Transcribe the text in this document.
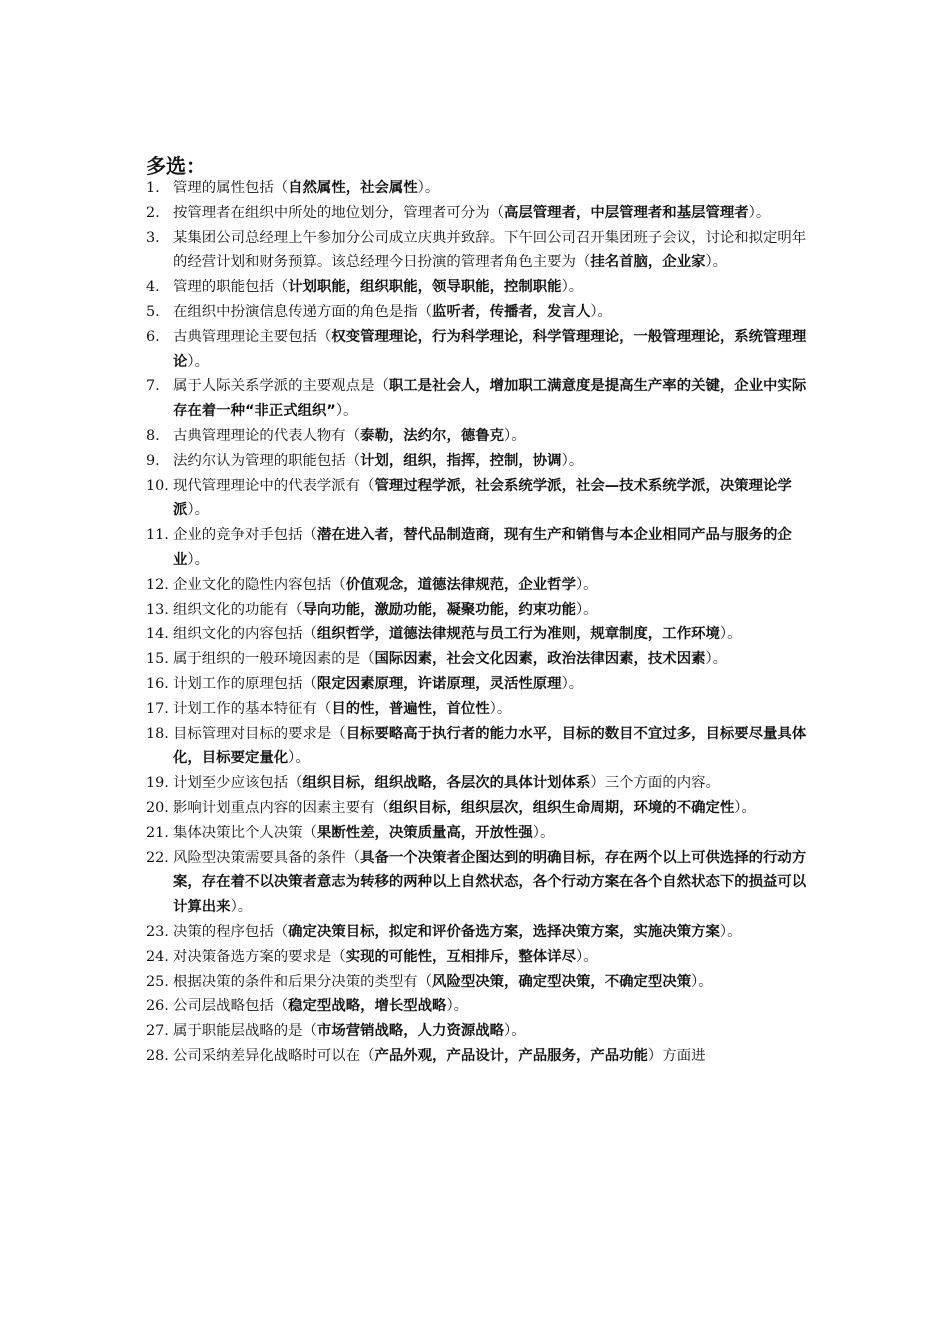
多选：
1. 管理的属性包括（自然属性，社会属性）。
2. 按管理者在组织中所处的地位划分，管理者可分为（高层管理者，中层管理者和基层管理者）。
3. 某集团公司总经理上午参加分公司成立庆典并致辞。下午回公司召开集团班子会议，讨论和拟定明年的经营计划和财务预算。该总经理今日扮演的管理者角色主要为（挂名首脑，企业家）。
4. 管理的职能包括（计划职能，组织职能，领导职能，控制职能）。
5. 在组织中扮演信息传递方面的角色是指（监听者，传播者，发言人）。
6. 古典管理理论主要包括（权变管理理论，行为科学理论，科学管理理论，一般管理理论，系统管理理论）。
7. 属于人际关系学派的主要观点是（职工是社会人，增加职工满意度是提高生产率的关键，企业中实际存在着一种“非正式组织”）。
8. 古典管理理论的代表人物有（泰勒，法约尔，德鲁克）。
9. 法约尔认为管理的职能包括（计划，组织，指挥，控制，协调）。
10. 现代管理理论中的代表学派有（管理过程学派，社会系统学派，社会—技术系统学派，决策理论学派）。
11. 企业的竞争对手包括（潜在进入者，替代品制造商，现有生产和销售与本企业相同产品与服务的企业）。
12. 企业文化的隐性内容包括（价值观念，道德法律规范，企业哲学）。
13. 组织文化的功能有（导向功能，激励功能，凝聚功能，约束功能）。
14. 组织文化的内容包括（组织哲学，道德法律规范与员工行为准则，规章制度，工作环境）。
15. 属于组织的一般环境因素的是（国际因素，社会文化因素，政治法律因素，技术因素）。
16. 计划工作的原理包括（限定因素原理，许诺原理，灵活性原理）。
17. 计划工作的基本特征有（目的性，普遍性，首位性）。
18. 目标管理对目标的要求是（目标要略高于执行者的能力水平，目标的数目不宜过多，目标要尽量具体化，目标要定量化）。
19. 计划至少应该包括（组织目标，组织战略，各层次的具体计划体系）三个方面的内容。
20. 影响计划重点内容的因素主要有（组织目标，组织层次，组织生命周期，环境的不确定性）。
21. 集体决策比个人决策（果断性差，决策质量高，开放性强）。
22. 风险型决策需要具备的条件（具备一个决策者企图达到的明确目标，存在两个以上可供选择的行动方案，存在着不以决策者意志为转移的两种以上自然状态，各个行动方案在各个自然状态下的损益可以计算出来）。
23. 决策的程序包括（确定决策目标，拟定和评价备选方案，选择决策方案，实施决策方案）。
24. 对决策备选方案的要求是（实现的可能性，互相排斥，整体详尽）。
25. 根据决策的条件和后果分决策的类型有（风险型决策，确定型决策，不确定型决策）。
26. 公司层战略包括（稳定型战略，增长型战略）。
27. 属于职能层战略的是（市场营销战略，人力资源战略）。
28. 公司采纳差异化战略时可以在（产品外观，产品设计，产品服务，产品功能）方面进
